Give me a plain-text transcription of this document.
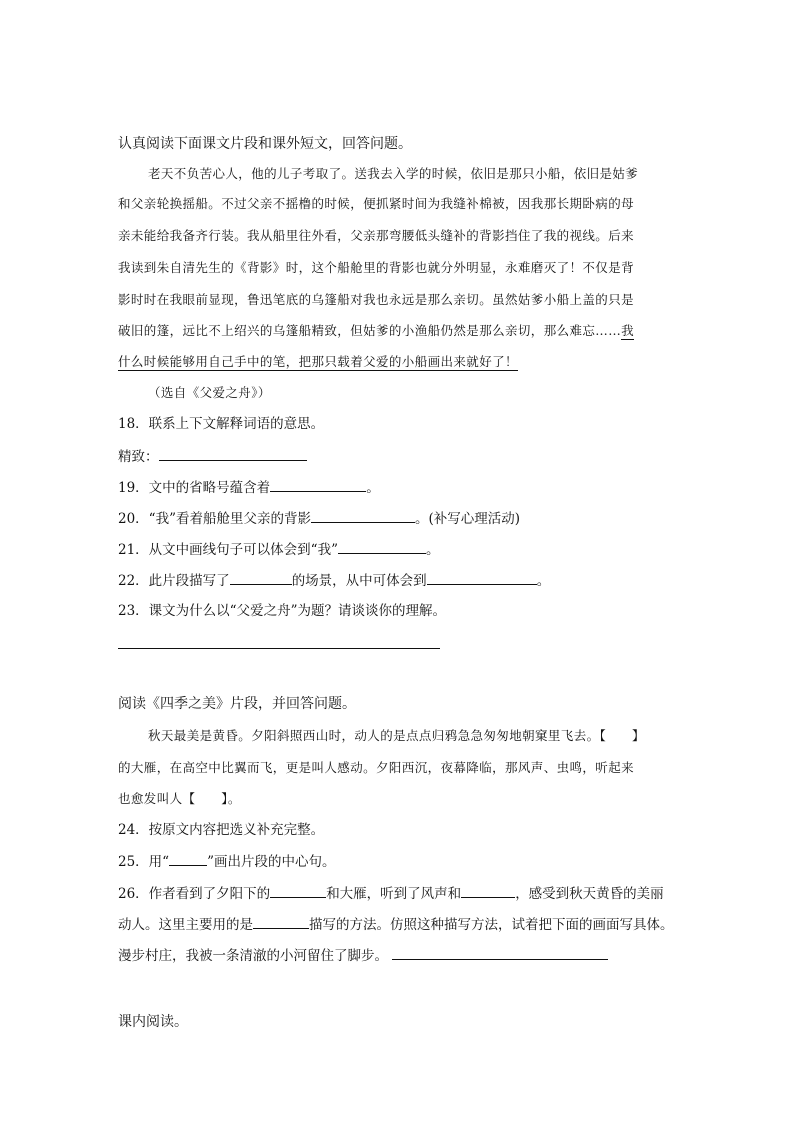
认真阅读下面课文片段和课外短文，回答问题。
老天不负苦心人，他的儿子考取了。送我去入学的时候，依旧是那只小船，依旧是姑爹
和父亲轮换摇船。不过父亲不摇橹的时候，便抓紧时间为我缝补棉被，因我那长期卧病的母
亲未能给我备齐行装。我从船里往外看，父亲那弯腰低头缝补的背影挡住了我的视线。后来
我读到朱自清先生的《背影》时，这个船舱里的背影也就分外明显，永难磨灭了！不仅是背
影时时在我眼前显现，鲁迅笔底的乌篷船对我也永远是那么亲切。虽然姑爹小船上盖的只是
破旧的篷，远比不上绍兴的乌篷船精致，但姑爹的小渔船仍然是那么亲切，那么难忘……我
什么时候能够用自己手中的笔，把那只载着父爱的小船画出来就好了！
（选自《父爱之舟》）
18．联系上下文解释词语的意思。
精致：
19．文中的省略号蕴含着	。
20．“我”看着船舱里父亲的背影	。(补写心理活动)
21．从文中画线句子可以体会到“我”	。
22．此片段描写了	的场景，从中可体会到	。
23．课文为什么以“父爱之舟”为题？请谈谈你的理解。
阅读《四季之美》片段，并回答问题。
秋天最美是黄昏。夕阳斜照西山时，动人的是点点归鸦急急匆匆地朝窠里飞去。【　　】
的大雁，在高空中比翼而飞，更是叫人感动。夕阳西沉，夜幕降临，那风声、虫鸣，听起来
也愈发叫人【　　】。
24．按原文内容把选义补充完整。
25．用“	”画出片段的中心句。
26．作者看到了夕阳下的	和大雁，听到了风声和	，感受到秋天黄昏的美丽
动人。这里主要用的是	描写的方法。仿照这种描写方法，试着把下面的画面写具体。
漫步村庄，我被一条清澈的小河留住了脚步。
课内阅读。
